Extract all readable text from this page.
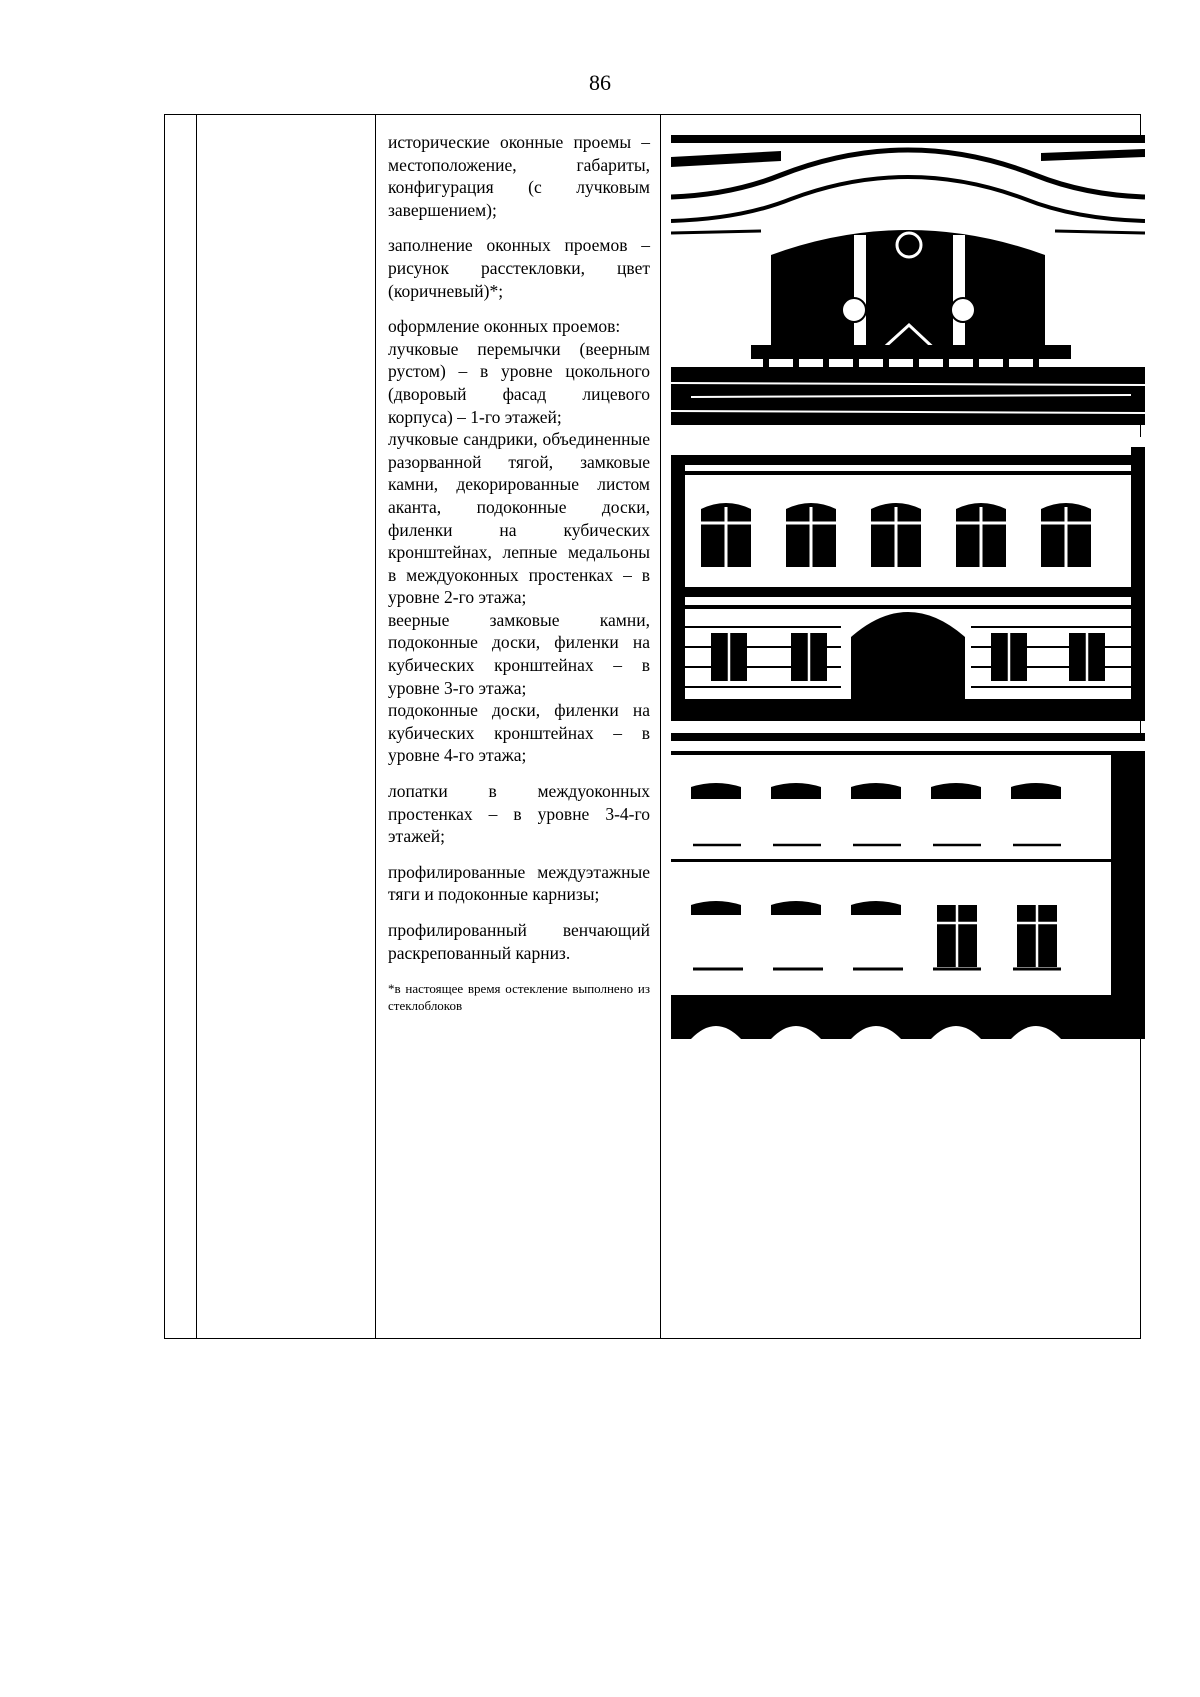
86

исторические оконные проемы – местоположение, габариты, конфигурация (с лучковым завершением);

заполнение оконных проемов – рисунок расстекловки, цвет (коричневый)*;

оформление оконных проемов:

лучковые перемычки (веерным рустом) – в уровне цокольного (дворовый фасад лицевого корпуса) – 1-го этажей;

лучковые сандрики, объединенные разорванной тягой, замковые камни, декорированные листом аканта, подоконные доски, филенки на кубических кронштейнах, лепные медальоны в междуоконных простенках – в уровне 2-го этажа;

веерные замковые камни, подоконные доски, филенки на кубических кронштейнах – в уровне 3-го этажа;

подоконные доски, филенки на кубических кронштейнах – в уровне 4-го этажа;

лопатки в междуоконных простенках – в уровне 3-4-го этажей;

профилированные междуэтажные тяги и подоконные карнизы;

профилированный венчающий раскрепованный карниз.

*в настоящее время остекление выполнено из стеклоблоков
